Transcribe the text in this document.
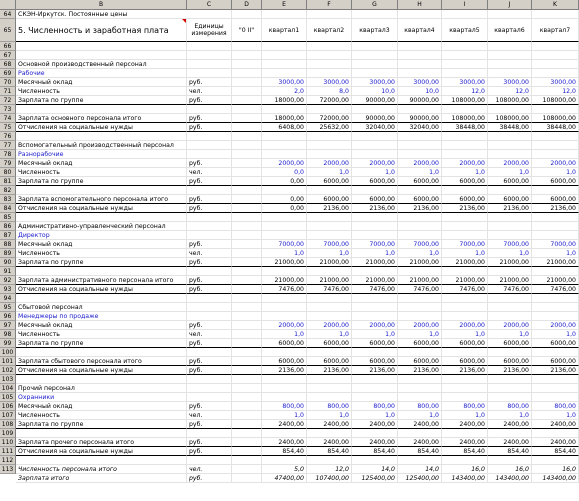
B	C	D	E	F	G	H	I	J	K
64	СКЭН-Иркутск. Постоянные цены
65 5. Численность и заработная плата	Единицы измерения	"0 II"	квартал1	квартал2	квартал3	квартал4	квартал5	квартал6	квартал7
66
67
68	Основной производственный персонал
69	Рабочие
70	Месячный оклад	руб.	3000,00	3000,00	3000,00	3000,00	3000,00	3000,00	3000,00
71	Численность	чел.	2,0	8,0	10,0	10,0	12,0	12,0	12,0
72	Зарплата по группе	руб.	18000,00	72000,00	90000,00	90000,00	108000,00	108000,00	108000,00
73
74	Зарплата основного персонала итого	руб.	18000,00	72000,00	90000,00	90000,00	108000,00	108000,00	108000,00
75	Отчисления на социальные нужды	руб.	6408,00	25632,00	32040,00	32040,00	38448,00	38448,00	38448,00
76
77	Вспомогательный производственный персонал
78	Разнорабочие
79	Месячный оклад	руб.	2000,00	2000,00	2000,00	2000,00	2000,00	2000,00	2000,00
80	Численность	чел.	0,0	1,0	1,0	1,0	1,0	1,0	1,0
81	Зарплата по группе	руб.	0,00	6000,00	6000,00	6000,00	6000,00	6000,00	6000,00
82
83	Зарплата вспомогательного персонала итого	руб.	0,00	6000,00	6000,00	6000,00	6000,00	6000,00	6000,00
84	Отчисления на социальные нужды	руб.	0,00	2136,00	2136,00	2136,00	2136,00	2136,00	2136,00
85
86	Административно-управленческий персонал
87	Директор
88	Месячный оклад	руб.	7000,00	7000,00	7000,00	7000,00	7000,00	7000,00	7000,00
89	Численность	чел.	1,0	1,0	1,0	1,0	1,0	1,0	1,0
90	Зарплата по группе	руб.	21000,00	21000,00	21000,00	21000,00	21000,00	21000,00	21000,00
91
92	Зарплата административного персонала итого	руб.	21000,00	21000,00	21000,00	21000,00	21000,00	21000,00	21000,00
93	Отчисления на социальные нужды	руб.	7476,00	7476,00	7476,00	7476,00	7476,00	7476,00	7476,00
94
95	Сбытовой персонал
96	Менеджеры по продаже
97	Месячный оклад	руб.	2000,00	2000,00	2000,00	2000,00	2000,00	2000,00	2000,00
98	Численность	чел.	1,0	1,0	1,0	1,0	1,0	1,0	1,0
99	Зарплата по группе	руб.	6000,00	6000,00	6000,00	6000,00	6000,00	6000,00	6000,00
100
101 Зарплата сбытового персонала итого	руб.	6000,00	6000,00	6000,00	6000,00	6000,00	6000,00	6000,00
102 Отчисления на социальные нужды	руб.	2136,00	2136,00	2136,00	2136,00	2136,00	2136,00	2136,00
103
104 Прочий персонал
105 Охранники
106 Месячный оклад	руб.	800,00	800,00	800,00	800,00	800,00	800,00	800,00
107 Численность	чел.	1,0	1,0	1,0	1,0	1,0	1,0	1,0
108 Зарплата по группе	руб.	2400,00	2400,00	2400,00	2400,00	2400,00	2400,00	2400,00
109
110 Зарплата прочего персонала итого	руб.	2400,00	2400,00	2400,00	2400,00	2400,00	2400,00	2400,00
111 Отчисления на социальные нужды	руб.	854,40	854,40	854,40	854,40	854,40	854,40	854,40
112
113 Численность персонала итого	чел.	5,0	12,0	14,0	14,0	16,0	16,0	16,0
Зарплата итого	руб.	47400,00	107400,00	125400,00	125400,00	143400,00	143400,00	143400,00
